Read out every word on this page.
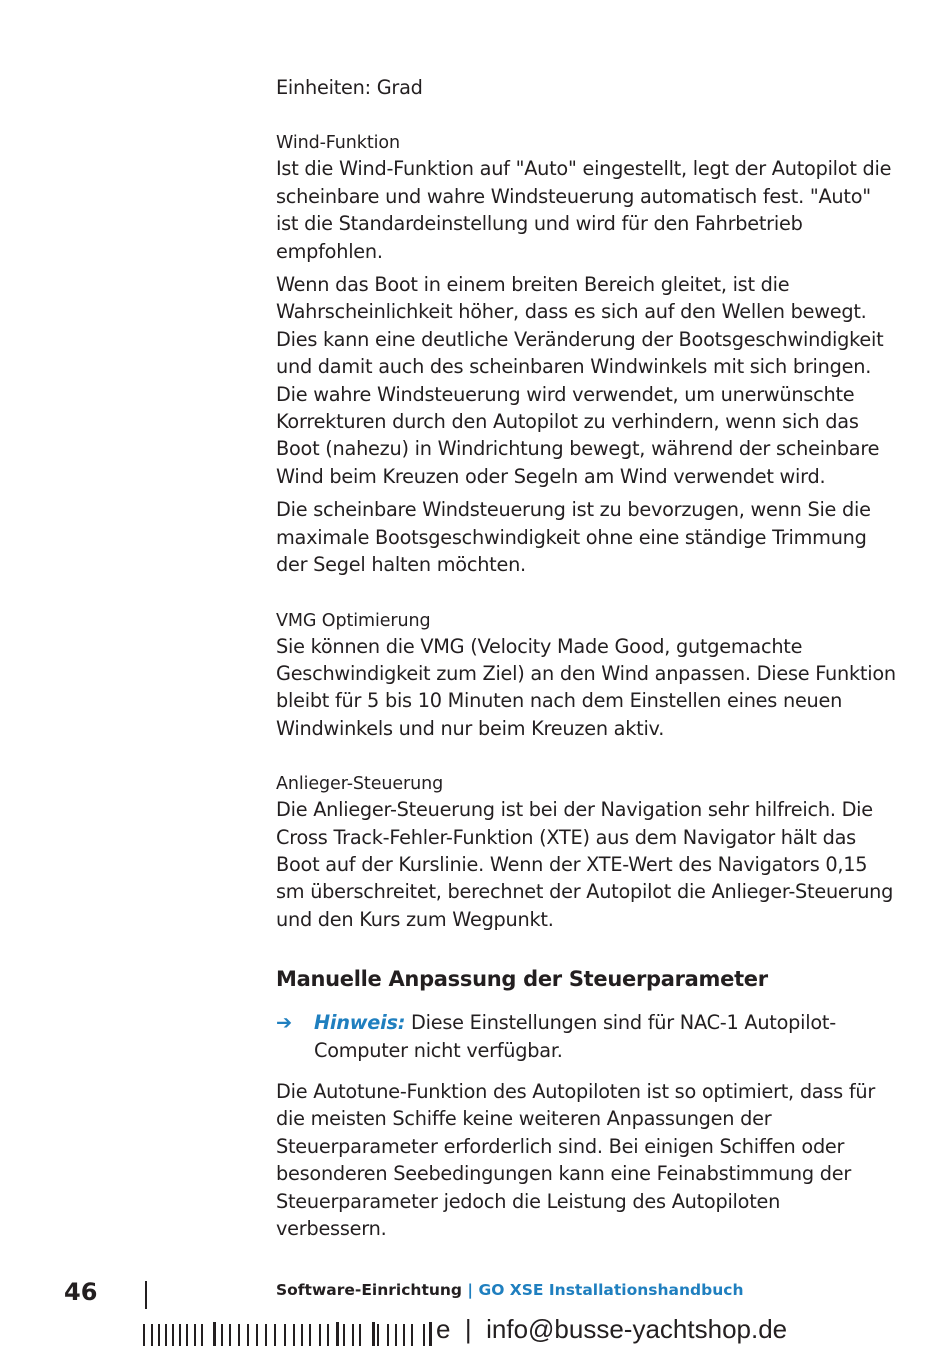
Einheiten: Grad

Wind-Funktion

Ist die Wind-Funktion auf "Auto" eingestellt, legt der Autopilot die scheinbare und wahre Windsteuerung automatisch fest. "Auto" ist die Standardeinstellung und wird für den Fahrbetrieb empfohlen.

Wenn das Boot in einem breiten Bereich gleitet, ist die Wahrscheinlichkeit höher, dass es sich auf den Wellen bewegt. Dies kann eine deutliche Veränderung der Bootsgeschwindigkeit und damit auch des scheinbaren Windwinkels mit sich bringen. Die wahre Windsteuerung wird verwendet, um unerwünschte Korrekturen durch den Autopilot zu verhindern, wenn sich das Boot (nahezu) in Windrichtung bewegt, während der scheinbare Wind beim Kreuzen oder Segeln am Wind verwendet wird.

Die scheinbare Windsteuerung ist zu bevorzugen, wenn Sie die maximale Bootsgeschwindigkeit ohne eine ständige Trimmung der Segel halten möchten.

VMG Optimierung

Sie können die VMG (Velocity Made Good, gutgemachte Geschwindigkeit zum Ziel) an den Wind anpassen. Diese Funktion bleibt für 5 bis 10 Minuten nach dem Einstellen eines neuen Windwinkels und nur beim Kreuzen aktiv.

Anlieger-Steuerung

Die Anlieger-Steuerung ist bei der Navigation sehr hilfreich. Die Cross Track-Fehler-Funktion (XTE) aus dem Navigator hält das Boot auf der Kurslinie. Wenn der XTE-Wert des Navigators 0,15 sm überschreitet, berechnet der Autopilot die Anlieger-Steuerung und den Kurs zum Wegpunkt.

Manuelle Anpassung der Steuerparameter

➔ Hinweis: Diese Einstellungen sind für NAC-1 Autopilot-Computer nicht verfügbar.

Die Autotune-Funktion des Autopiloten ist so optimiert, dass für die meisten Schiffe keine weiteren Anpassungen der Steuerparameter erforderlich sind. Bei einigen Schiffen oder besonderen Seebedingungen kann eine Feinabstimmung der Steuerparameter jedoch die Leistung des Autopiloten verbessern.

46	Software-Einrichtung | GO XSE Installationshandbuch
e  |  info@busse-yachtshop.de
